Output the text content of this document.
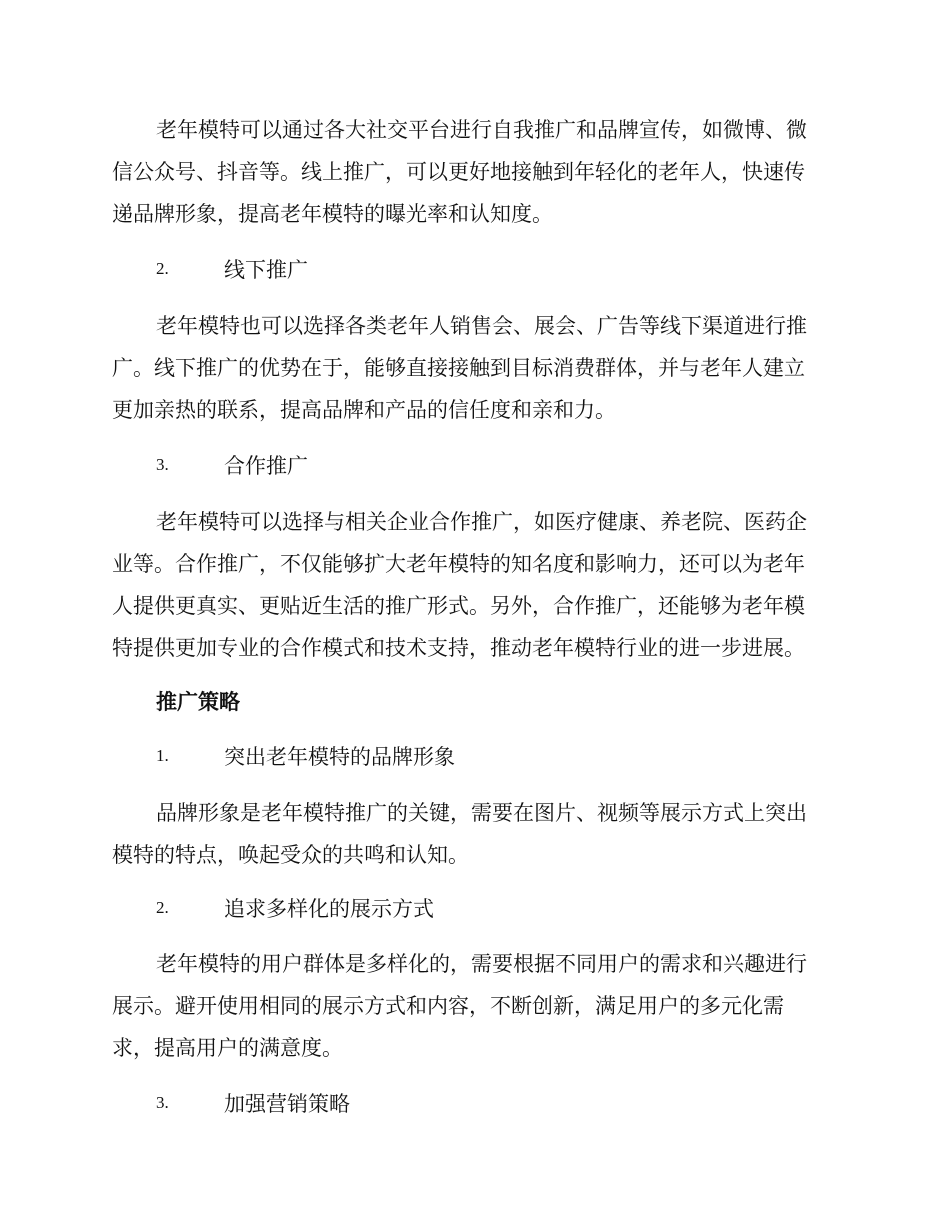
老年模特可以通过各大社交平台进行自我推广和品牌宣传，如微博、微
信公众号、抖音等。线上推广，可以更好地接触到年轻化的老年人，快速传
递品牌形象，提高老年模特的曝光率和认知度。
2.	线下推广
老年模特也可以选择各类老年人销售会、展会、广告等线下渠道进行推
广。线下推广的优势在于，能够直接接触到目标消费群体，并与老年人建立
更加亲热的联系，提高品牌和产品的信任度和亲和力。
3.	合作推广
老年模特可以选择与相关企业合作推广，如医疗健康、养老院、医药企
业等。合作推广，不仅能够扩大老年模特的知名度和影响力，还可以为老年
人提供更真实、更贴近生活的推广形式。另外，合作推广，还能够为老年模
特提供更加专业的合作模式和技术支持，推动老年模特行业的进一步进展。
推广策略
1.	突出老年模特的品牌形象
品牌形象是老年模特推广的关键，需要在图片、视频等展示方式上突出
模特的特点，唤起受众的共鸣和认知。
2.	追求多样化的展示方式
老年模特的用户群体是多样化的，需要根据不同用户的需求和兴趣进行
展示。避开使用相同的展示方式和内容，不断创新，满足用户的多元化需
求，提高用户的满意度。
3.	加强营销策略
